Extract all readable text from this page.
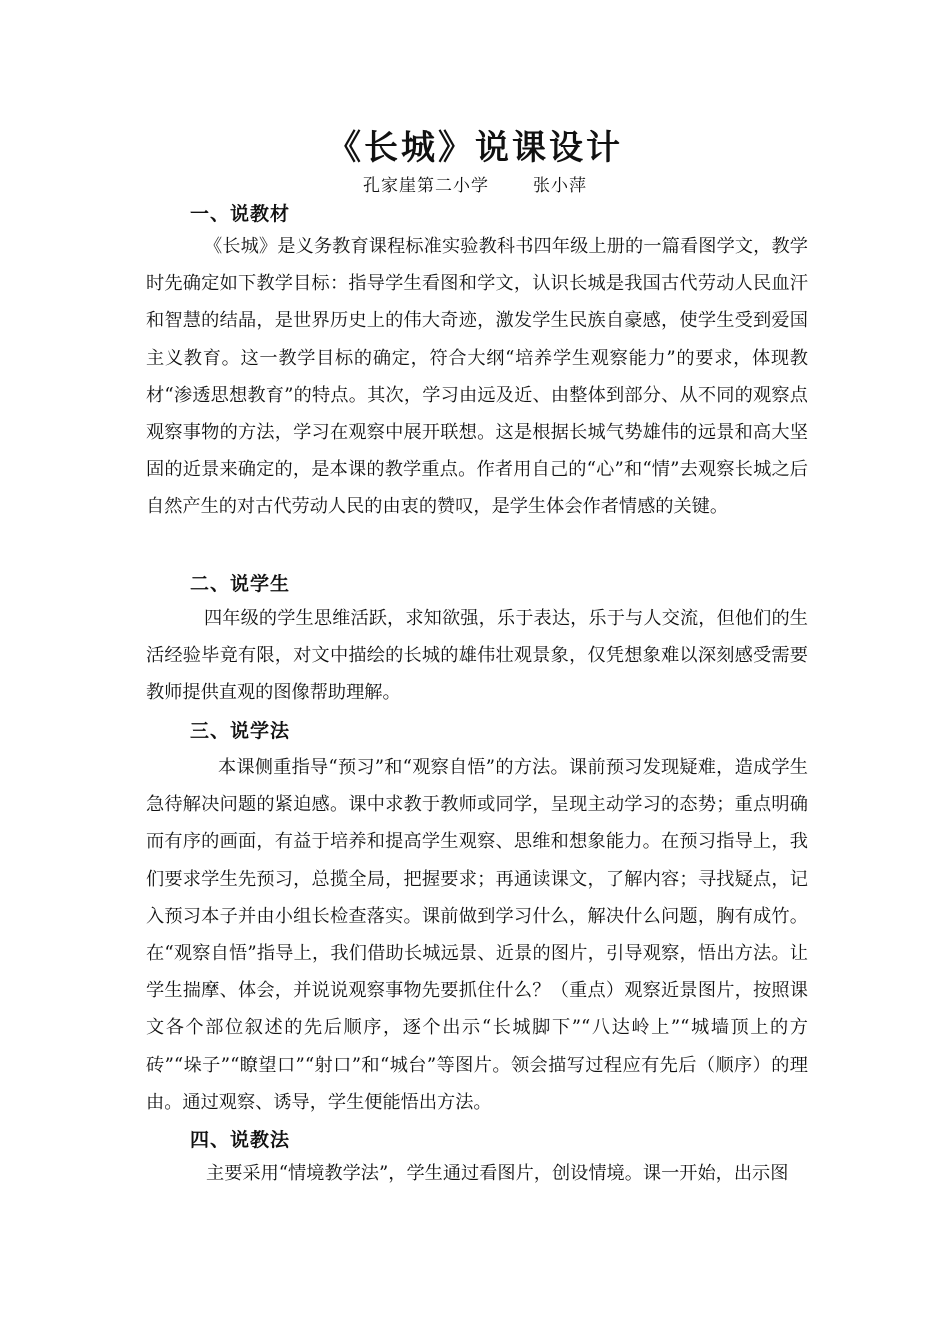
《长城》说课设计
孔家崖第二小学	张小萍
一、说教材

《长城》是义务教育课程标准实验教科书四年级上册的一篇看图学文，教学时先确定如下教学目标：指导学生看图和学文，认识长城是我国古代劳动人民血汗和智慧的结晶，是世界历史上的伟大奇迹，激发学生民族自豪感，使学生受到爱国主义教育。这一教学目标的确定，符合大纲“培养学生观察能力”的要求，体现教材“渗透思想教育”的特点。其次，学习由远及近、由整体到部分、从不同的观察点观察事物的方法，学习在观察中展开联想。这是根据长城气势雄伟的远景和高大坚固的近景来确定的，是本课的教学重点。作者用自己的“心”和“情”去观察长城之后自然产生的对古代劳动人民的由衷的赞叹，是学生体会作者情感的关键。

二、说学生

四年级的学生思维活跃，求知欲强，乐于表达，乐于与人交流，但他们的生活经验毕竟有限，对文中描绘的长城的雄伟壮观景象，仅凭想象难以深刻感受需要教师提供直观的图像帮助理解。

三、说学法

本课侧重指导“预习”和“观察自悟”的方法。课前预习发现疑难，造成学生急待解决问题的紧迫感。课中求教于教师或同学，呈现主动学习的态势；重点明确而有序的画面，有益于培养和提高学生观察、思维和想象能力。在预习指导上，我们要求学生先预习，总揽全局，把握要求；再通读课文，了解内容；寻找疑点，记入预习本子并由小组长检查落实。课前做到学习什么，解决什么问题，胸有成竹。在“观察自悟”指导上，我们借助长城远景、近景的图片，引导观察，悟出方法。让学生揣摩、体会，并说说观察事物先要抓住什么？（重点）观察近景图片，按照课文各个部位叙述的先后顺序，逐个出示“长城脚下”“八达岭上”“城墙顶上的方砖”“垛子”“瞭望口”“射口”和“城台”等图片。领会描写过程应有先后（顺序）的理由。通过观察、诱导，学生便能悟出方法。

四、说教法

主要采用“情境教学法”，学生通过看图片，创设情境。课一开始，出示图
